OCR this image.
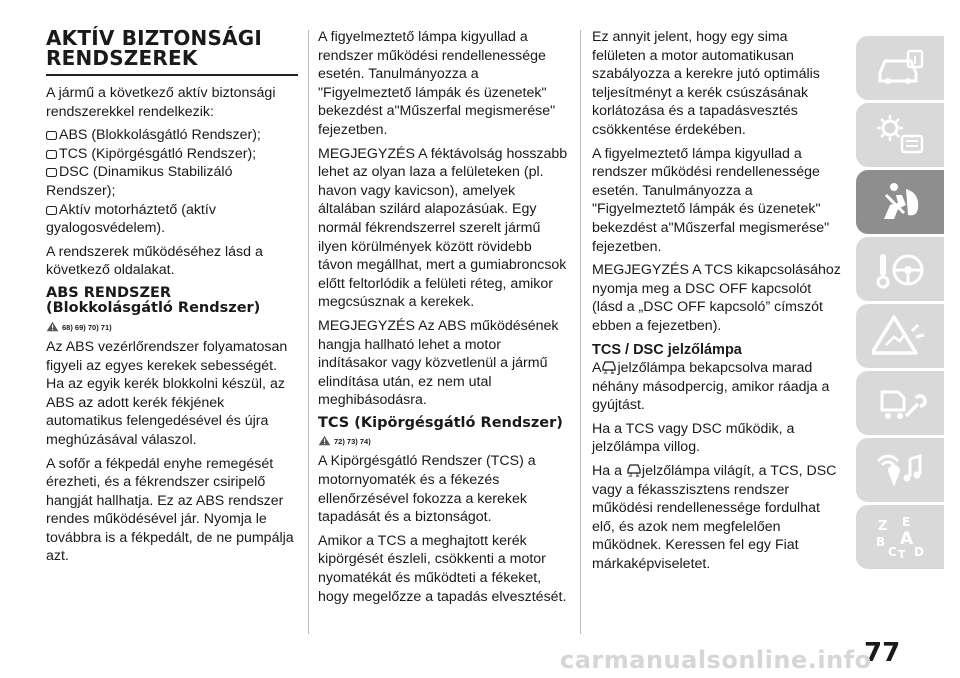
AKTÍV BIZTONSÁGI RENDSZEREK
A jármű a következő aktív biztonsági rendszerekkel rendelkezik:
ABS (Blokkolásgátló Rendszer);
TCS (Kipörgésgátló Rendszer);
DSC (Dinamikus Stabilizáló Rendszer);
Aktív motorháztető (aktív gyalogosvédelem).
A rendszerek működéséhez lásd a következő oldalakat.
ABS RENDSZER (Blokkolásgátló Rendszer)
68) 69) 70) 71)
Az ABS vezérlőrendszer folyamatosan figyeli az egyes kerekek sebességét. Ha az egyik kerék blokkolni készül, az ABS az adott kerék fékjének automatikus felengedésével és újra meghúzásával válaszol.
A sofőr a fékpedál enyhe remegését érezheti, és a fékrendszer csiripelő hangját hallhatja. Ez az ABS rendszer rendes működésével jár. Nyomja le továbbra is a fékpedált, de ne pumpálja azt.
A figyelmeztető lámpa kigyullad a rendszer működési rendellenessége esetén. Tanulmányozza a "Figyelmeztető lámpák és üzenetek" bekezdést a"Műszerfal megismerése" fejezetben.
MEGJEGYZÉS A féktávolság hosszabb lehet az olyan laza a felületeken (pl. havon vagy kavicson), amelyek általában szilárd alapozásúak. Egy normál fékrendszerrel szerelt jármű ilyen körülmények között rövidebb távon megállhat, mert a gumiabroncsok előtt feltorlódik a felületi réteg, amikor megcsúsznak a kerekek.
MEGJEGYZÉS Az ABS működésének hangja hallható lehet a motor indításakor vagy közvetlenül a jármű elindítása után, ez nem utal meghibásodásra.
TCS (Kipörgésgátló Rendszer)
72) 73) 74)
A Kipörgésgátló Rendszer (TCS) a motornyomaték és a fékezés ellenőrzésével fokozza a kerekek tapadását és a biztonságot.
Amikor a TCS a meghajtott kerék kipörgését észleli, csökkenti a motor nyomatékát és működteti a fékeket, hogy megelőzze a tapadás elvesztését.
Ez annyit jelent, hogy egy sima felületen a motor automatikusan szabályozza a kerekre jutó optimális teljesítményt a kerék csúszásának korlátozása és a tapadásvesztés csökkentése érdekében.
A figyelmeztető lámpa kigyullad a rendszer működési rendellenessége esetén. Tanulmányozza a "Figyelmeztető lámpák és üzenetek" bekezdést a"Műszerfal megismerése" fejezetben.
MEGJEGYZÉS A TCS kikapcsolásához nyomja meg a DSC OFF kapcsolót (lásd a „DSC OFF kapcsoló” címszót ebben a fejezetben).
TCS / DSC jelzőlámpa
A jelzőlámpa bekapcsolva marad néhány másodpercig, amikor ráadja a gyújtást.
Ha a TCS vagy DSC működik, a jelzőlámpa villog.
Ha a jelzőlámpa világít, a TCS, DSC vagy a fékasszisztens rendszer működési rendellenessége fordulhat elő, és azok nem megfelelően működnek. Keressen fel egy Fiat márkaképviseletet.
i
Z E
B A
C T D
77
carmanualsonline.info
